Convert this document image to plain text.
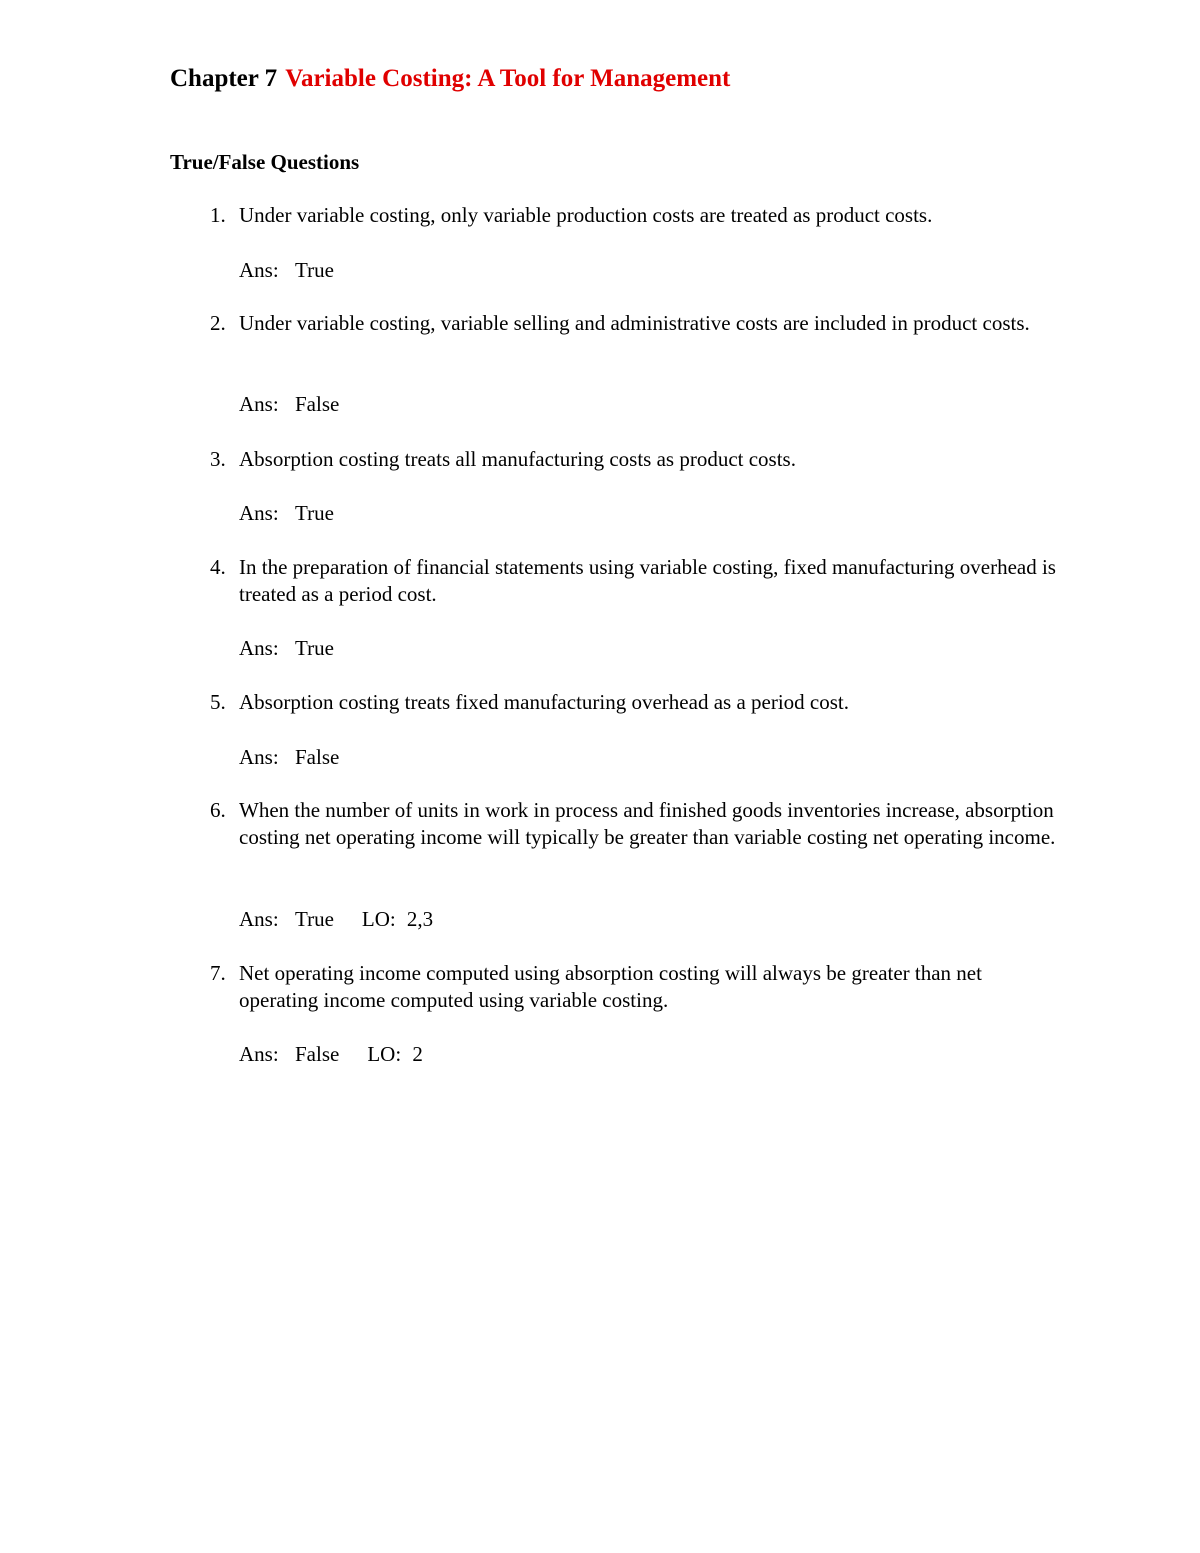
Chapter 7 Variable Costing: A Tool for Management
True/False Questions
1. Under variable costing, only variable production costs are treated as product costs.
Ans: True
2. Under variable costing, variable selling and administrative costs are included in product costs.
Ans: False
3. Absorption costing treats all manufacturing costs as product costs.
Ans: True
4. In the preparation of financial statements using variable costing, fixed manufacturing overhead is treated as a period cost.
Ans: True
5. Absorption costing treats fixed manufacturing overhead as a period cost.
Ans: False
6. When the number of units in work in process and finished goods inventories increase, absorption costing net operating income will typically be greater than variable costing net operating income.
Ans: True LO: 2,3
7. Net operating income computed using absorption costing will always be greater than net operating income computed using variable costing.
Ans: False LO: 2
